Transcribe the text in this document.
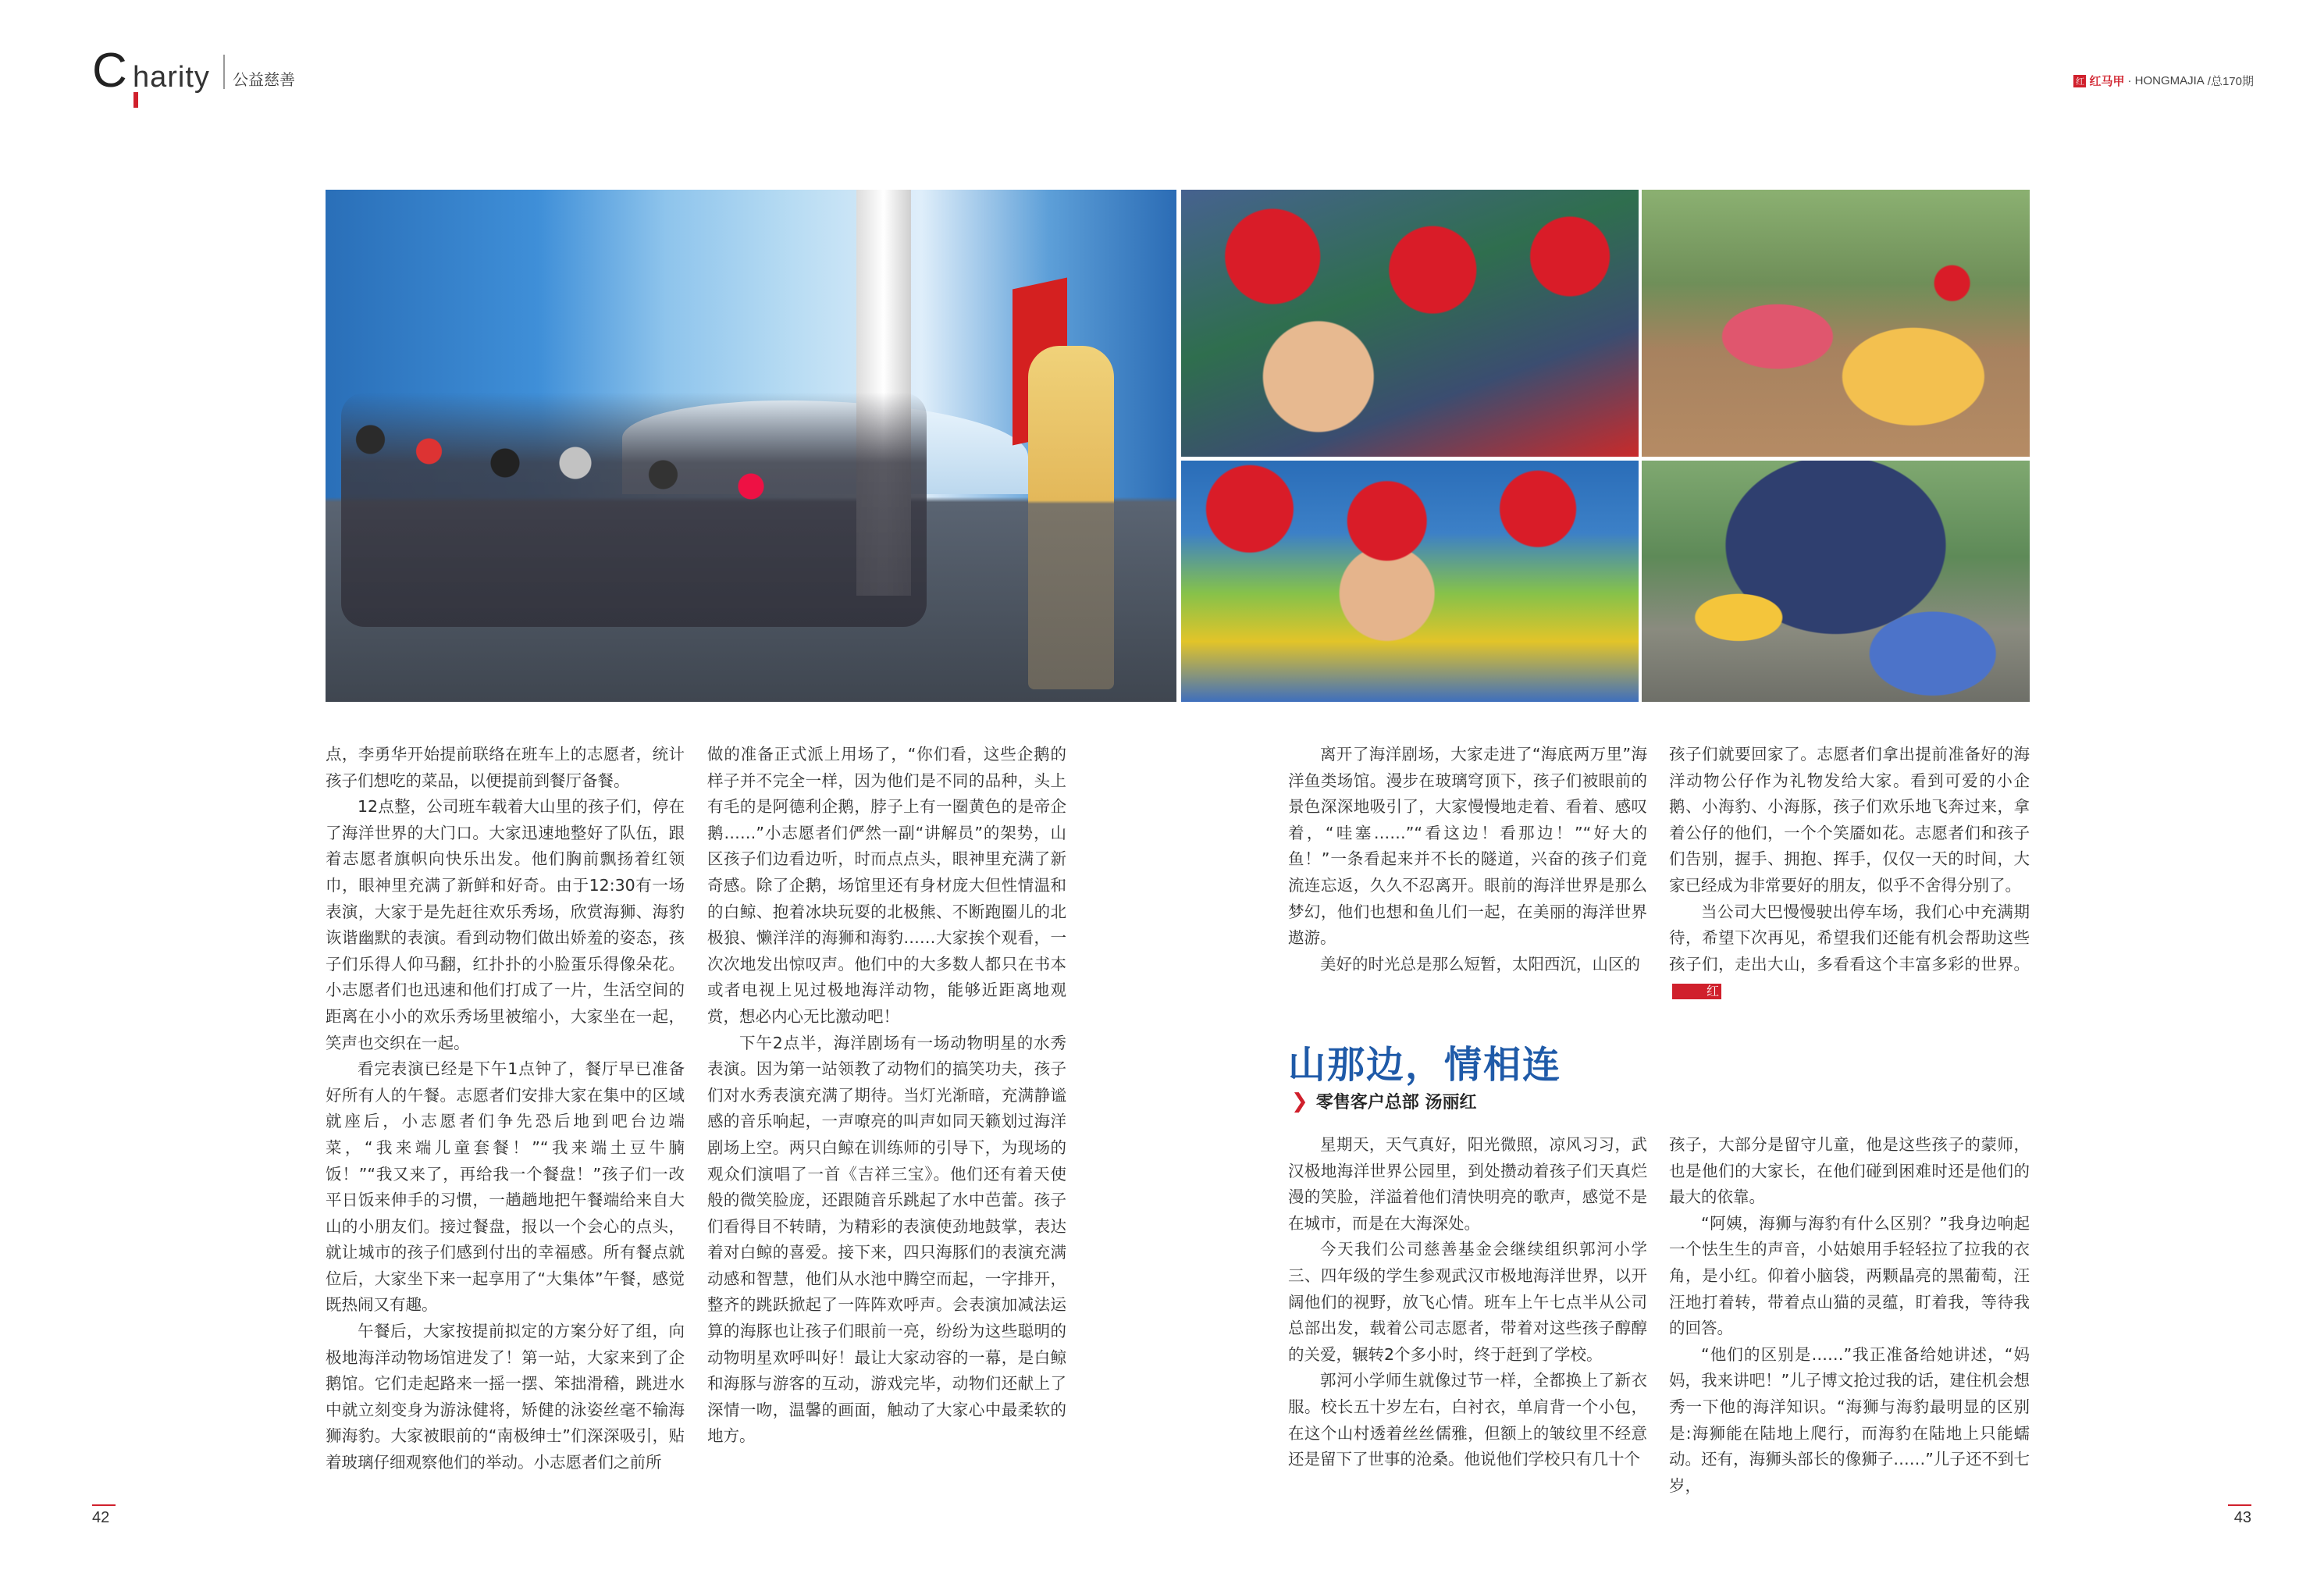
C harity 公益慈善	红 红马甲 · HONGMAJIA /总170期

点，李勇华开始提前联络在班车上的志愿者，统计孩子们想吃的菜品，以便提前到餐厅备餐。

12点整，公司班车载着大山里的孩子们，停在了海洋世界的大门口。大家迅速地整好了队伍，跟着志愿者旗帜向快乐出发。他们胸前飘扬着红领巾，眼神里充满了新鲜和好奇。由于12:30有一场表演，大家于是先赶往欢乐秀场，欣赏海狮、海豹诙谐幽默的表演。看到动物们做出娇羞的姿态，孩子们乐得人仰马翻，红扑扑的小脸蛋乐得像朵花。小志愿者们也迅速和他们打成了一片，生活空间的距离在小小的欢乐秀场里被缩小，大家坐在一起，笑声也交织在一起。

看完表演已经是下午1点钟了，餐厅早已准备好所有人的午餐。志愿者们安排大家在集中的区域就座后，小志愿者们争先恐后地到吧台边端菜，“我来端儿童套餐！”“我来端土豆牛腩饭！”“我又来了，再给我一个餐盘！”孩子们一改平日饭来伸手的习惯，一趟趟地把午餐端给来自大山的小朋友们。接过餐盘，报以一个会心的点头，就让城市的孩子们感到付出的幸福感。所有餐点就位后，大家坐下来一起享用了“大集体”午餐，感觉既热闹又有趣。

午餐后，大家按提前拟定的方案分好了组，向极地海洋动物场馆进发了！第一站，大家来到了企鹅馆。它们走起路来一摇一摆、笨拙滑稽，跳进水中就立刻变身为游泳健将，矫健的泳姿丝毫不输海狮海豹。大家被眼前的“南极绅士”们深深吸引，贴着玻璃仔细观察他们的举动。小志愿者们之前所

做的准备正式派上用场了，“你们看，这些企鹅的样子并不完全一样，因为他们是不同的品种，头上有毛的是阿德利企鹅，脖子上有一圈黄色的是帝企鹅……”小志愿者们俨然一副“讲解员”的架势，山区孩子们边看边听，时而点点头，眼神里充满了新奇感。除了企鹅，场馆里还有身材庞大但性情温和的白鲸、抱着冰块玩耍的北极熊、不断跑圈儿的北极狼、懒洋洋的海狮和海豹……大家挨个观看，一次次地发出惊叹声。他们中的大多数人都只在书本或者电视上见过极地海洋动物，能够近距离地观赏，想必内心无比激动吧！

下午2点半，海洋剧场有一场动物明星的水秀表演。因为第一站领教了动物们的搞笑功夫，孩子们对水秀表演充满了期待。当灯光渐暗，充满静谧感的音乐响起，一声嘹亮的叫声如同天籁划过海洋剧场上空。两只白鲸在训练师的引导下，为现场的观众们演唱了一首《吉祥三宝》。他们还有着天使般的微笑脸庞，还跟随音乐跳起了水中芭蕾。孩子们看得目不转睛，为精彩的表演使劲地鼓掌，表达着对白鲸的喜爱。接下来，四只海豚们的表演充满动感和智慧，他们从水池中腾空而起，一字排开，整齐的跳跃掀起了一阵阵欢呼声。会表演加减法运算的海豚也让孩子们眼前一亮，纷纷为这些聪明的动物明星欢呼叫好！最让大家动容的一幕，是白鲸和海豚与游客的互动，游戏完毕，动物们还献上了深情一吻，温馨的画面，触动了大家心中最柔软的地方。

离开了海洋剧场，大家走进了“海底两万里”海洋鱼类场馆。漫步在玻璃穹顶下，孩子们被眼前的景色深深地吸引了，大家慢慢地走着、看着、感叹着，“哇塞……”“看这边！看那边！”“好大的鱼！”一条看起来并不长的隧道，兴奋的孩子们竟流连忘返，久久不忍离开。眼前的海洋世界是那么梦幻，他们也想和鱼儿们一起，在美丽的海洋世界遨游。

美好的时光总是那么短暂，太阳西沉，山区的

孩子们就要回家了。志愿者们拿出提前准备好的海洋动物公仔作为礼物发给大家。看到可爱的小企鹅、小海豹、小海豚，孩子们欢乐地飞奔过来，拿着公仔的他们，一个个笑靥如花。志愿者们和孩子们告别，握手、拥抱、挥手，仅仅一天的时间，大家已经成为非常要好的朋友，似乎不舍得分别了。

当公司大巴慢慢驶出停车场，我们心中充满期待，希望下次再见，希望我们还能有机会帮助这些孩子们，走出大山，多看看这个丰富多彩的世界。红

山那边，情相连
❯ 零售客户总部 汤丽红

星期天，天气真好，阳光微照，凉风习习，武汉极地海洋世界公园里，到处攒动着孩子们天真烂漫的笑脸，洋溢着他们清快明亮的歌声，感觉不是在城市，而是在大海深处。

今天我们公司慈善基金会继续组织郭河小学三、四年级的学生参观武汉市极地海洋世界，以开阔他们的视野，放飞心情。班车上午七点半从公司总部出发，载着公司志愿者，带着对这些孩子醇醇的关爱，辗转2个多小时，终于赶到了学校。

郭河小学师生就像过节一样，全都换上了新衣服。校长五十岁左右，白衬衣，单肩背一个小包，在这个山村透着丝丝儒雅，但额上的皱纹里不经意还是留下了世事的沧桑。他说他们学校只有几十个

孩子，大部分是留守儿童，他是这些孩子的蒙师，也是他们的大家长，在他们碰到困难时还是他们的最大的依靠。

“阿姨，海狮与海豹有什么区别？”我身边响起一个怯生生的声音，小姑娘用手轻轻拉了拉我的衣角，是小红。仰着小脑袋，两颗晶亮的黑葡萄，汪汪地打着转，带着点山猫的灵蕴，盯着我，等待我的回答。

“他们的区别是……”我正准备给她讲述，“妈妈，我来讲吧！”儿子博文抢过我的话，建住机会想秀一下他的海洋知识。“海狮与海豹最明显的区别是:海狮能在陆地上爬行，而海豹在陆地上只能蠕动。还有，海狮头部长的像狮子……”儿子还不到七岁，

42	43
